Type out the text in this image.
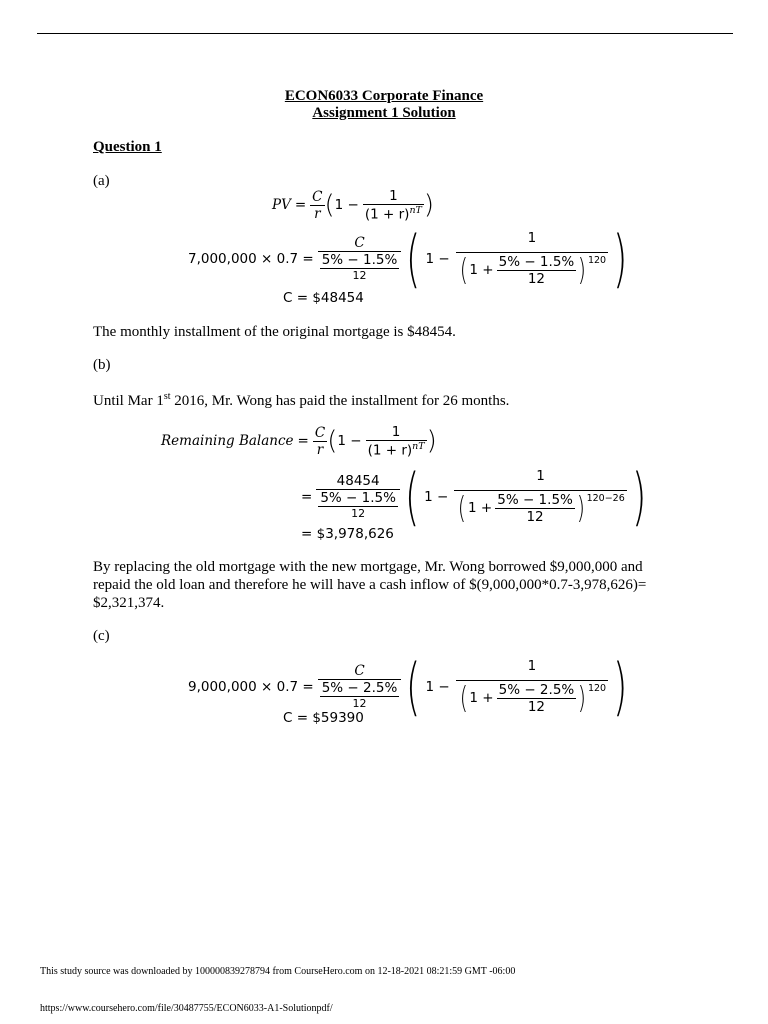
ECON6033 Corporate Finance
Assignment 1 Solution
Question 1
(a)
PV = $\frac{C}{r}$ ( $1 - \frac{1}{(1 + r)^{nT}}$ )
$7,000,000 \times 0.7 = \frac{C}{\frac{5\% - 1.5\%}{12}}$ ( 1 −
1
( $1 + \frac{5\% - 1.5\%}{12}$ ) 120 )
C = $48454
The monthly installment of the original mortgage is $48454.
(b)
Until Mar 1st 2016, Mr. Wong has paid the installment for 26 months.
Remaining Balance = $\frac{C}{r}$ ( $1 - \frac{1}{(1 + r)^{nT}}$ )
= $\frac{48454}{\frac{5\% - 1.5\%}{12}}$ ( 1 −
1
( $1 + \frac{5\% - 1.5\%}{12}$ ) 120−26 )
= $3,978,626
By replacing the old mortgage with the new mortgage, Mr. Wong borrowed $9,000,000 and repaid the old loan and therefore he will have a cash inflow of $(9,000,000*0.7-3,978,626)= $2,321,374.
(c)
$9,000,000 \times 0.7 = \frac{C}{\frac{5\% - 2.5\%}{12}}$ ( 1 −
1
( $1 + \frac{5\% - 2.5\%}{12}$ ) 120 )
C = $59390
This study source was downloaded by 100000839278794 from CourseHero.com on 12-18-2021 08:21:59 GMT -06:00
https://www.coursehero.com/file/30487755/ECON6033-A1-Solutionpdf/
